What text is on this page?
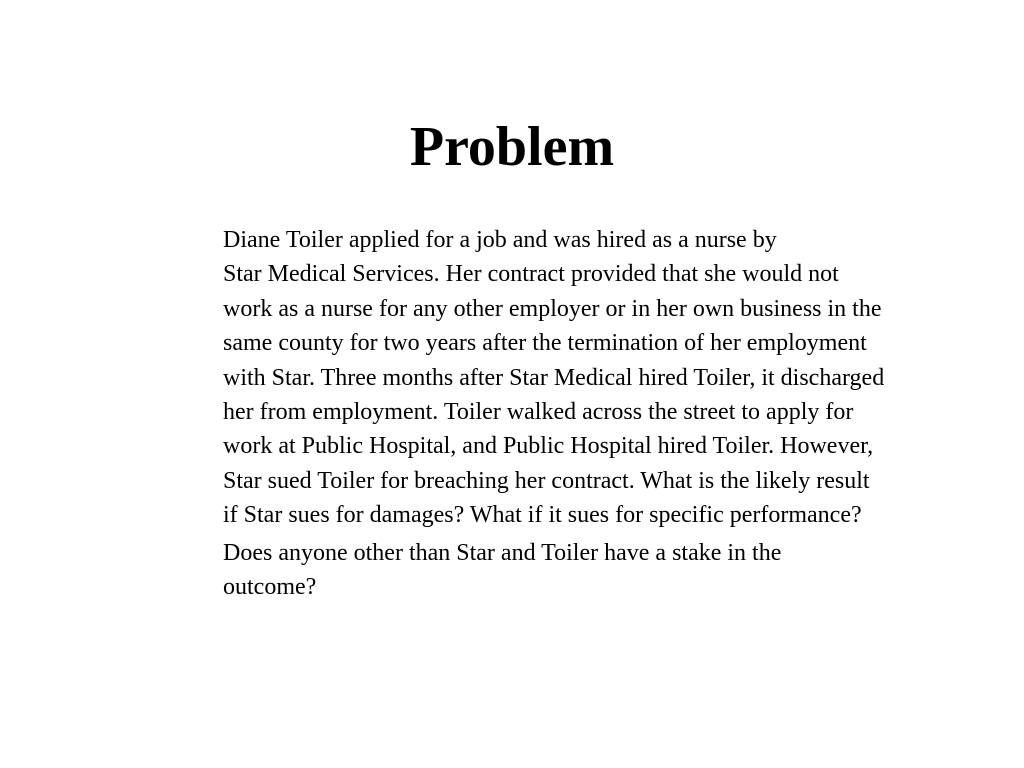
Problem

Diane Toiler applied for a job and was hired as a nurse by
Star Medical Services. Her contract provided that she would not
work as a nurse for any other employer or in her own business in the
same county for two years after the termination of her employment
with Star. Three months after Star Medical hired Toiler, it discharged
her from employment. Toiler walked across the street to apply for
work at Public Hospital, and Public Hospital hired Toiler. However,
Star sued Toiler for breaching her contract. What is the likely result
if Star sues for damages? What if it sues for specific performance?

Does anyone other than Star and Toiler have a stake in the
outcome?
